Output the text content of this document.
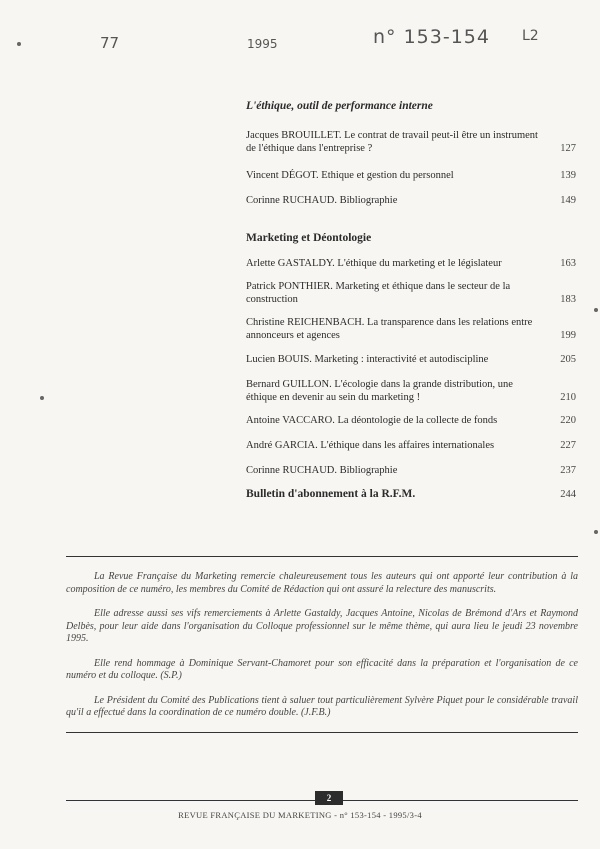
77	1995	n° 153-154 L2
L'éthique, outil de performance interne
Jacques BROUILLET. Le contrat de travail peut-il être un instrument de l'éthique dans l'entreprise ?	127
Vincent DÉGOT. Ethique et gestion du personnel	139
Corinne RUCHAUD. Bibliographie	149
Marketing et Déontologie
Arlette GASTALDY. L'éthique du marketing et le législateur	163
Patrick PONTHIER. Marketing et éthique dans le secteur de la construction	183
Christine REICHENBACH. La transparence dans les relations entre annonceurs et agences	199
Lucien BOUIS. Marketing : interactivité et autodiscipline	205
Bernard GUILLON. L'écologie dans la grande distribution, une éthique en devenir au sein du marketing !	210
Antoine VACCARO. La déontologie de la collecte de fonds	220
André GARCIA. L'éthique dans les affaires internationales	227
Corinne RUCHAUD. Bibliographie	237
Bulletin d'abonnement à la R.F.M.	244

La Revue Française du Marketing remercie chaleureusement tous les auteurs qui ont apporté leur contribution à la composition de ce numéro, les membres du Comité de Rédaction qui ont assuré la relecture des manuscrits.

Elle adresse aussi ses vifs remerciements à Arlette Gastaldy, Jacques Antoine, Nicolas de Brémond d'Ars et Raymond Delbès, pour leur aide dans l'organisation du Colloque professionnel sur le même thème, qui aura lieu le jeudi 23 novembre 1995.

Elle rend hommage à Dominique Servant-Chamoret pour son efficacité dans la préparation et l'organisation de ce numéro et du colloque. (S.P.)

Le Président du Comité des Publications tient à saluer tout particulièrement Sylvère Piquet pour le considérable travail qu'il a effectué dans la coordination de ce numéro double. (J.F.B.)

2
REVUE FRANÇAISE DU MARKETING - n° 153-154 - 1995/3-4
